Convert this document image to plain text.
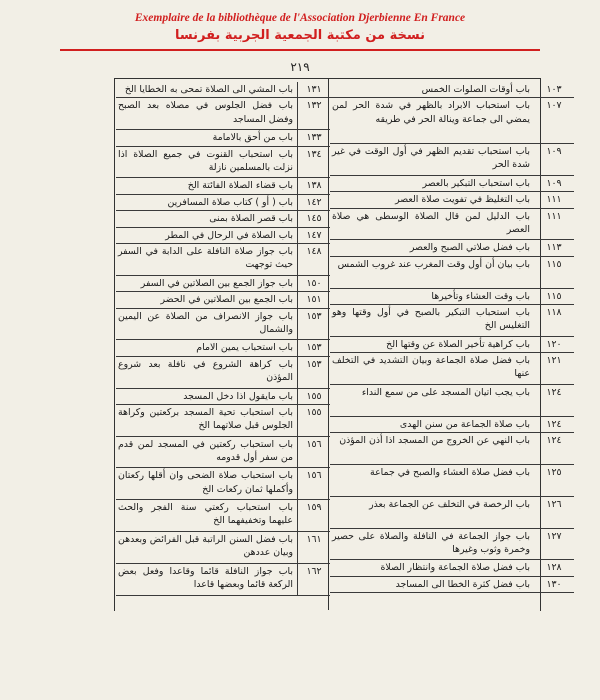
Exemplaire de la bibliothèque de l'Association Djerbienne En France
نسخة من مكتبة الجمعية الجربية بفرنسا
٢١٩
١٠٣
باب أوقات الصلوات الخمس
١٠٧
باب استحباب الابراد بالظهر في شدة الحر لمن يمضي الى جماعة وينالة الحر في طريقه
١٠٩
باب استحباب تقديم الظهر في أول الوقت في غير شدة الحر
١٠٩
باب استحباب التبكير بالعصر
١١١
باب التغليظ في تفويت صلاة العصر
١١١
باب الدليل لمن قال الصلاة الوسطى هي صلاة العصر
١١٣
باب فضل صلاتي الصبح والعصر
١١٥
باب بيان أن أول وقت المغرب عند غروب الشمس
١١٥
باب وقت العشاء وتأخيرها
١١٨
باب استحباب التبكير بالصبح في أول وقتها وهو التغليس الخ
١٢٠
باب كراهية تأخير الصلاة عن وقتها الخ
١٢١
باب فضل صلاة الجماعة وبيان التشديد في التخلف عنها
١٢٤
باب يجب اتيان المسجد على من سمع النداء
١٢٤
باب صلاة الجماعة من سنن الهدى
١٢٤
باب النهي عن الخروج من المسجد اذا أذن المؤذن
١٢٥
باب فضل صلاة العشاء والصبح في جماعة
١٢٦
باب الرخصة في التخلف عن الجماعة بعذر
١٢٧
باب جواز الجماعة في النافلة والصلاة على حصير وخمرة وثوب وغيرها
١٢٨
باب فضل صلاة الجماعة وانتظار الصلاة
١٣٠
باب فضل كثرة الخطا الى المساجد
١٣١
باب المشي الى الصلاة تمحى به الخطايا الخ
١٣٢
باب فضل الجلوس في مصلاه بعد الصبح وفضل المساجد
١٣٣
باب من أحق بالامامة
١٣٤
باب استحباب القنوت في جميع الصلاة اذا نزلت بالمسلمين نازلة
١٣٨
باب قضاء الصلاة الفائتة الخ
١٤٢
باب ( أو ) كتاب صلاة المسافرين
١٤٥
باب قصر الصلاة بمنى
١٤٧
باب الصلاة في الرحال في المطر
١٤٨
باب جواز صلاة النافلة على الدابة في السفر حيث توجهت
١٥٠
باب جواز الجمع بين الصلاتين في السفر
١٥١
باب الجمع بين الصلاتين في الحضر
١٥٣
باب جواز الانصراف من الصلاة عن اليمين والشمال
١٥٣
باب استحباب يمين الامام
١٥٣
باب كراهة الشروع في نافلة بعد شروع المؤذن
١٥٥
باب مايقول اذا دخل المسجد
١٥٥
باب استحباب تحية المسجد بركعتين وكراهة الجلوس قبل صلاتهما الخ
١٥٦
باب استحباب ركعتين في المسجد لمن قدم من سفر أول قدومه
١٥٦
باب استحباب صلاة الضحى وان أقلها ركعتان وأكملها ثمان ركعات الخ
١٥٩
باب استحباب ركعتي سنة الفجر والحث عليهما وتخفيفهما الخ
١٦١
باب فضل السنن الراتبة قبل الفرائض وبعدهن وبيان عددهن
١٦٢
باب جواز النافلة قائما وقاعدا وفعل بعض الركعة قائما وبعضها قاعدا
